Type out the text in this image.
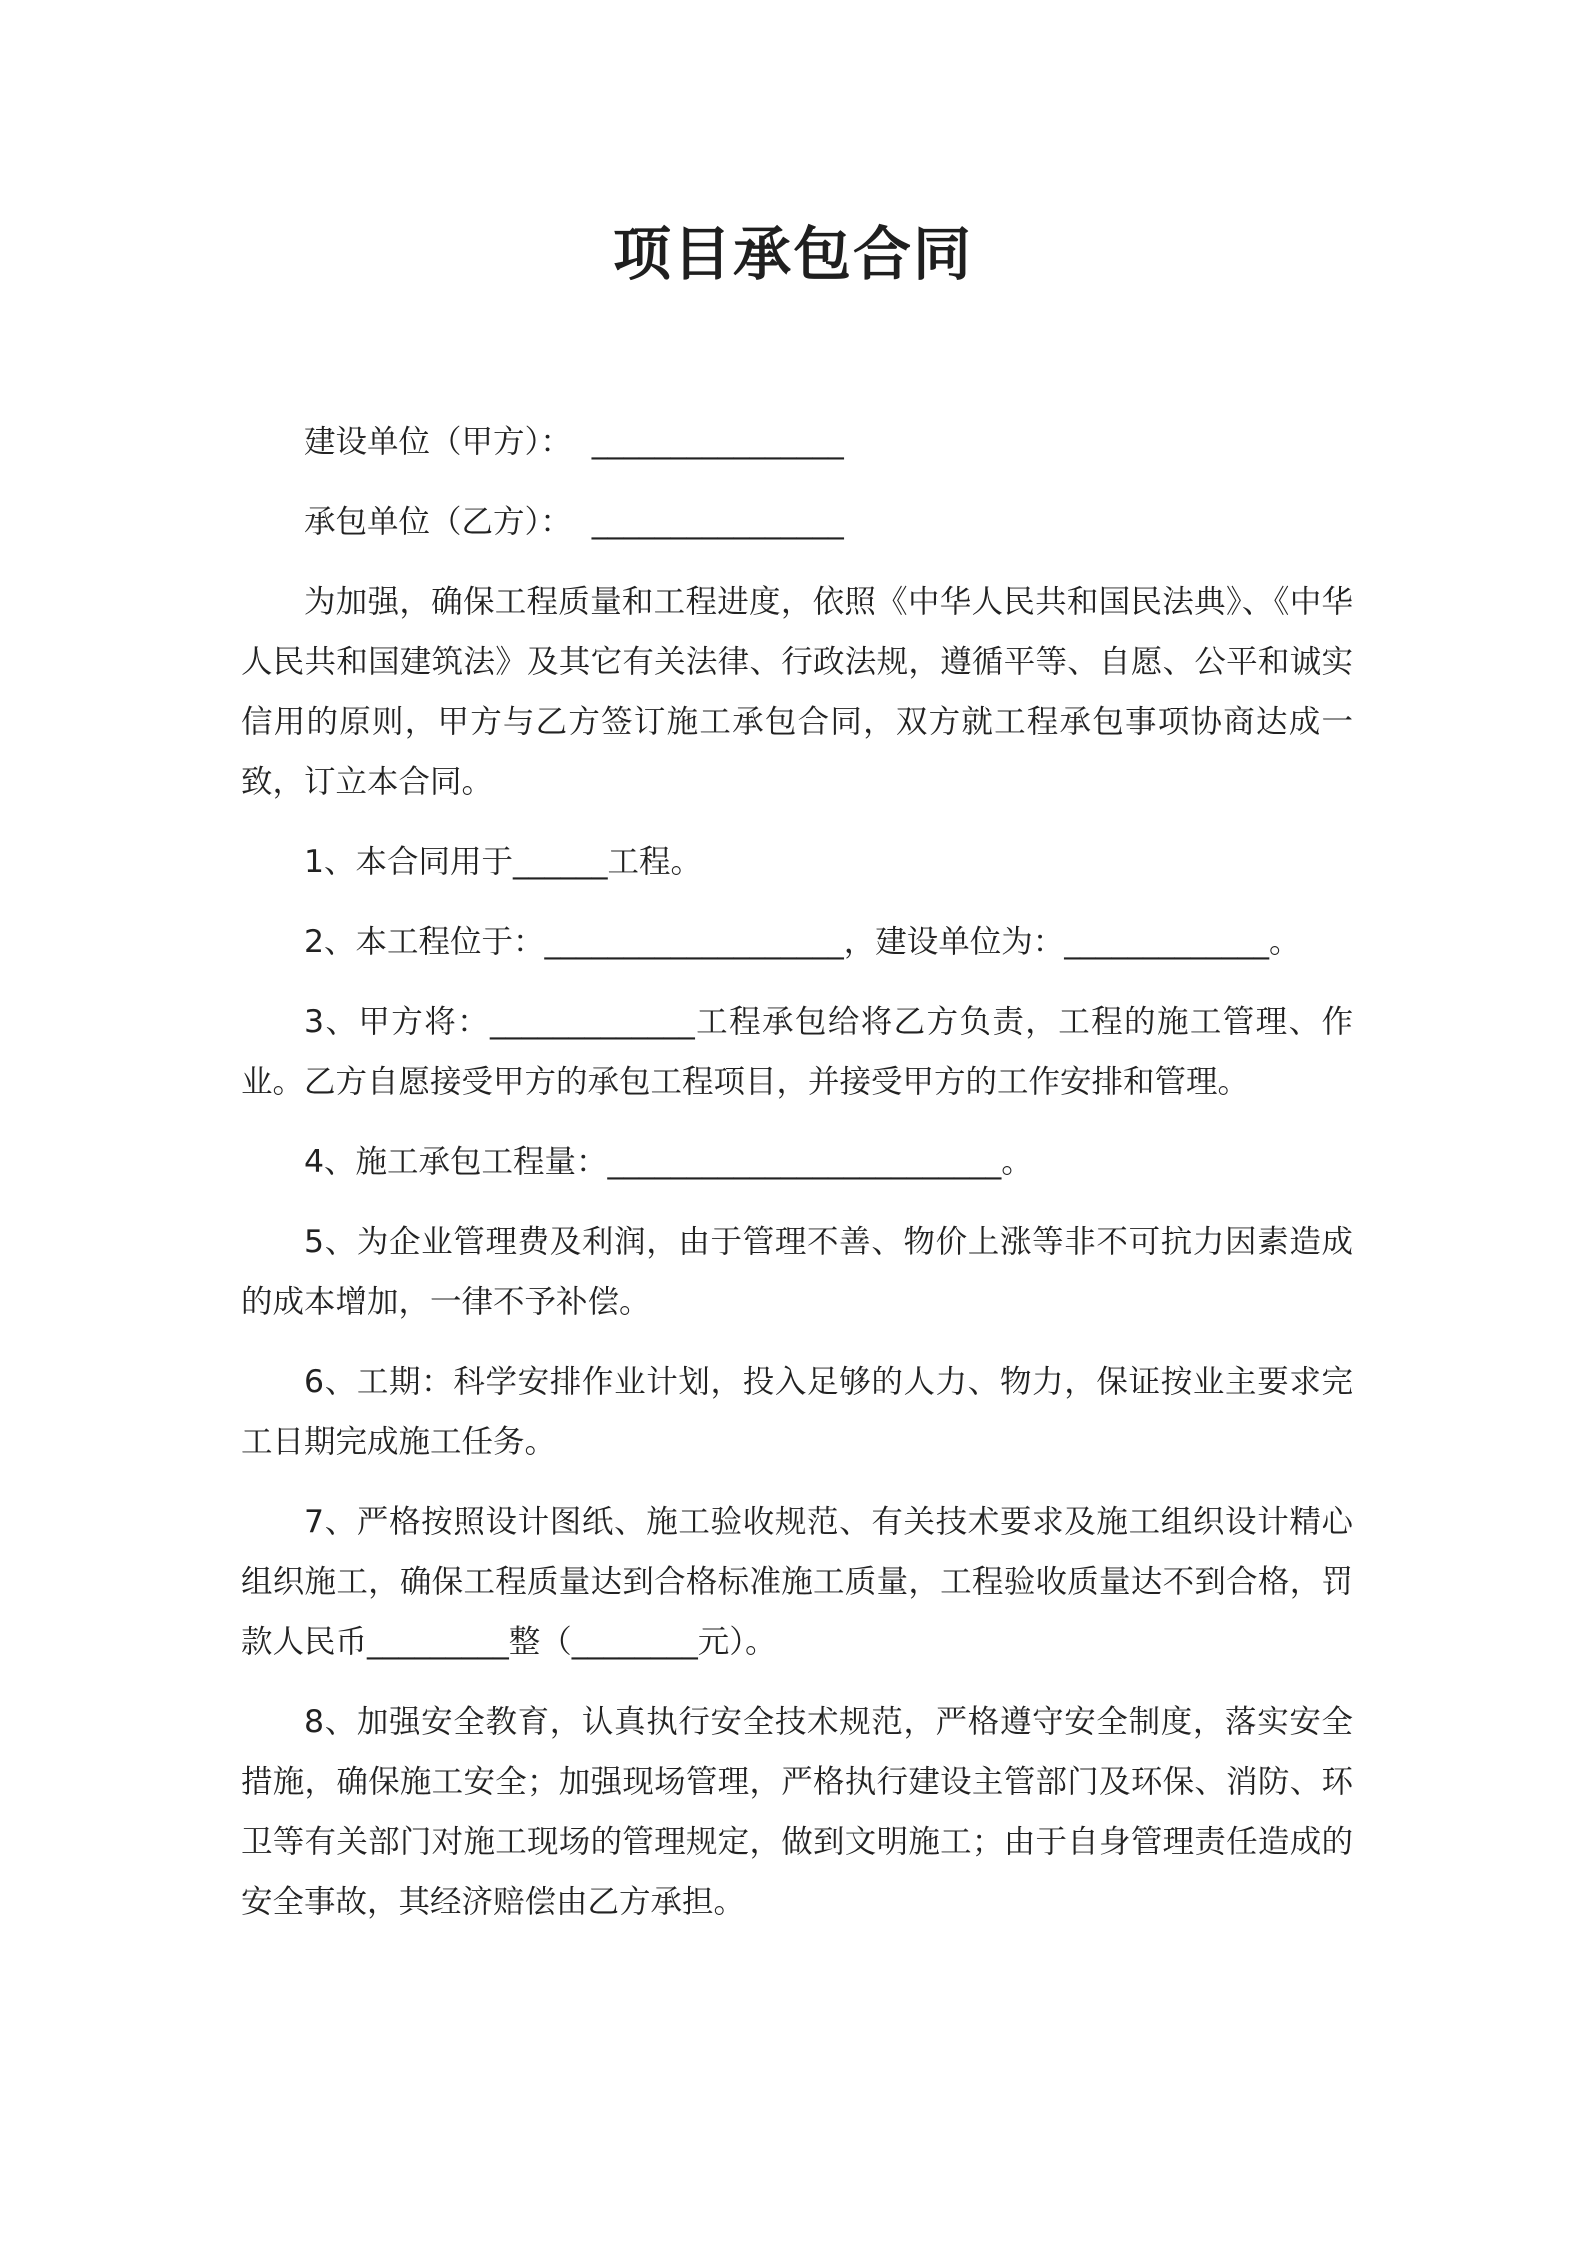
项目承包合同

建设单位（甲方）：  ________________

承包单位（乙方）：  ________________

为加强，确保工程质量和工程进度，依照《中华人民共和国民法典》、《中华人民共和国建筑法》及其它有关法律、行政法规，遵循平等、自愿、公平和诚实信用的原则，甲方与乙方签订施工承包合同，双方就工程承包事项协商达成一致，订立本合同。

1、本合同用于______工程。

2、本工程位于：___________________，建设单位为：_____________。

3、甲方将：_____________工程承包给将乙方负责，工程的施工管理、作业。乙方自愿接受甲方的承包工程项目，并接受甲方的工作安排和管理。

4、施工承包工程量：_________________________。

5、为企业管理费及利润，由于管理不善、物价上涨等非不可抗力因素造成的成本增加，一律不予补偿。

6、工期：科学安排作业计划，投入足够的人力、物力，保证按业主要求完工日期完成施工任务。

7、严格按照设计图纸、施工验收规范、有关技术要求及施工组织设计精心组织施工，确保工程质量达到合格标准施工质量，工程验收质量达不到合格，罚款人民币_________整（________元）。

8、加强安全教育，认真执行安全技术规范，严格遵守安全制度，落实安全措施，确保施工安全；加强现场管理，严格执行建设主管部门及环保、消防、环卫等有关部门对施工现场的管理规定，做到文明施工；由于自身管理责任造成的安全事故，其经济赔偿由乙方承担。
